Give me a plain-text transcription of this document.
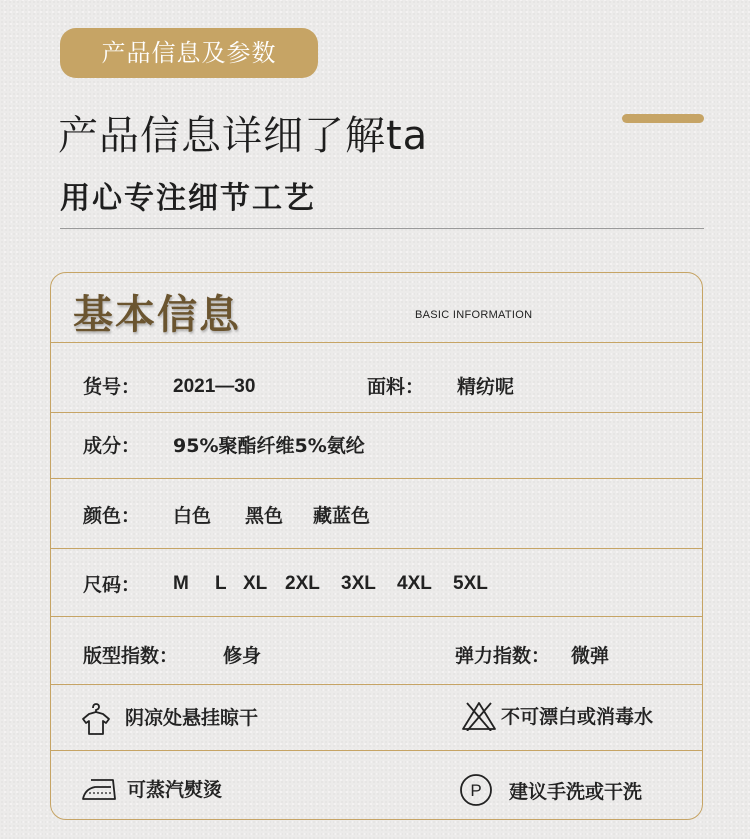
产品信息及参数
产品信息详细了解ta
用心专注细节工艺
基本信息	BASIC INFORMATION
货号： 2021—30	面料： 精纺呢
成分： 95%聚酯纤维5%氨纶
颜色： 白色 黑色 藏蓝色
尺码： M L XL 2XL 3XL 4XL 5XL
版型指数： 修身	弹力指数： 微弹
阴凉处悬挂晾干	不可漂白或消毒水
可蒸汽熨烫	P 建议手洗或干洗
